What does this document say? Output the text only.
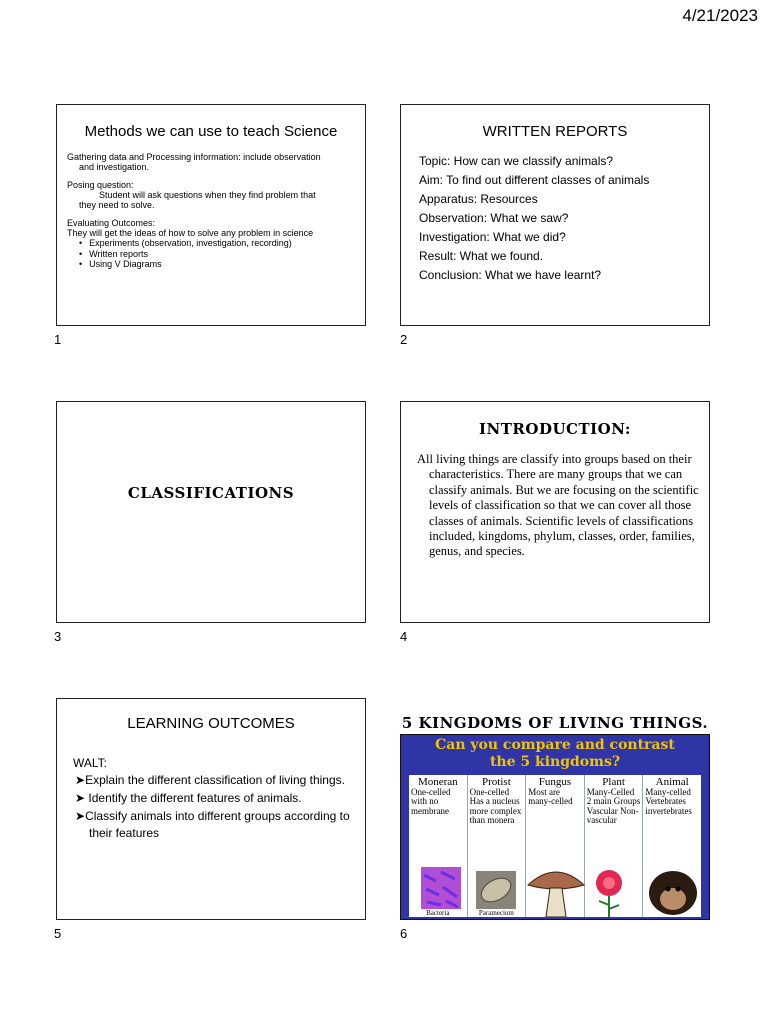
4/21/2023
Methods we can use to teach Science

Gathering data and Processing information: include observation
and investigation.

Posing question:
Student will ask questions when they find problem that
they need to solve.

Evaluating Outcomes:
They will get the ideas of how to solve any problem in science

• Experiments (observation, investigation, recording)
• Written reports
• Using V Diagrams
1
WRITTEN REPORTS
Topic: How can we classify animals?
Aim: To find out different classes of animals
Apparatus: Resources
Observation: What we saw?
Investigation: What we did?
Result: What we found.
Conclusion: What we have learnt?
2
CLASSIFICATIONS
3
INTRODUCTION:
All living things are classify into groups based on their characteristics. There are many groups that we can classify animals. But we are focusing on the scientific levels of classification so that we can cover all those classes of animals. Scientific levels of classifications included, kingdoms, phylum, classes, order, families, genus, and species.
4
LEARNING OUTCOMES
WALT:
➤Explain the different classification of living things.
➤ Identify the different features of animals.
➤Classify animals into different groups according to their features
5
5 KINGDOMS OF LIVING THINGS.
Can you compare and contrast
the 5 kingdoms?
Moneran
One-celled with no membrane
Bacteria
Protist
One-celled Has a nucleus more complex than monera
Paramecium
Fungus
Most are many-celled
Plant
Many-Celled 2 main Groups Vascular Non-vascular
Animal
Many-celled Vertebrates invertebrates
6
